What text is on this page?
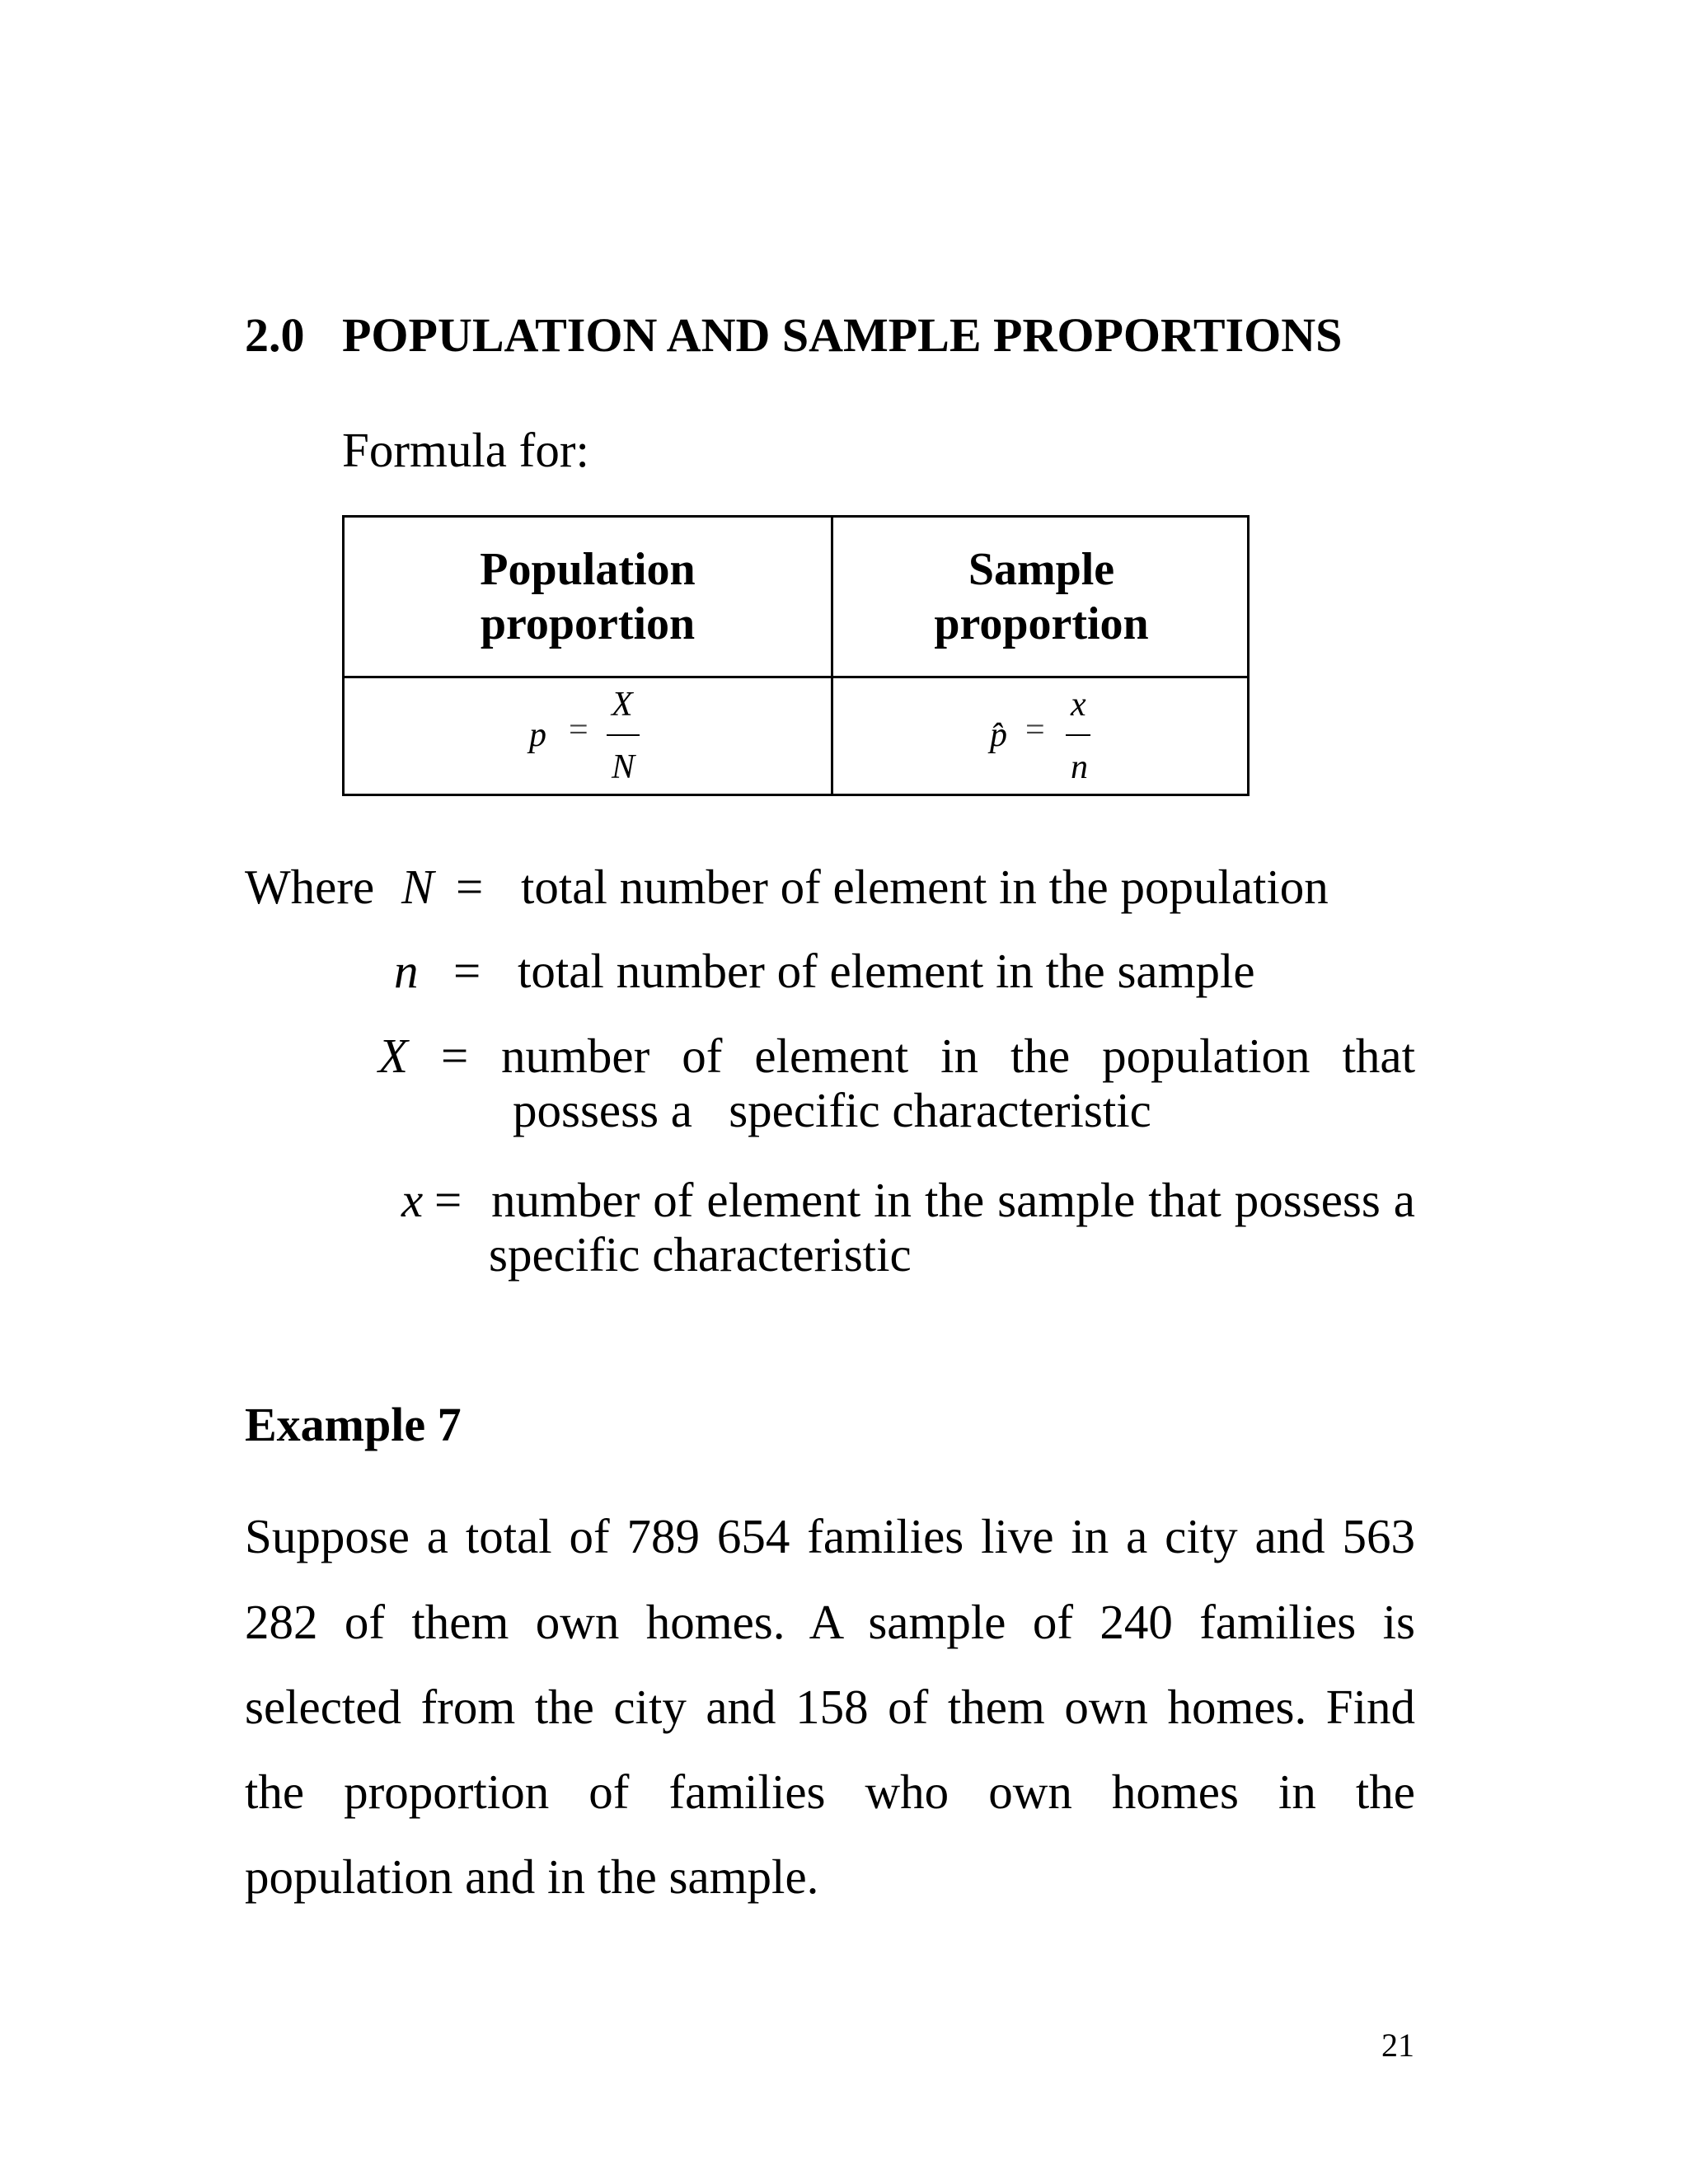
2.0 POPULATION AND SAMPLE PROPORTIONS
Formula for:
Population
proportion
Sample
proportion
p =
X
N
p̂ =
x
n
Where N = total number of element in the population
n = total number of element in the sample
X = number of element in the population that
possess a   specific characteristic
x = number of element in the sample that possess a
specific characteristic
Example 7
Suppose a total of 789 654 families live in a city and 563
282 of them own homes. A sample of 240 families is
selected from the city and 158 of them own homes. Find
the proportion of families who own homes in the
population and in the sample.
21
